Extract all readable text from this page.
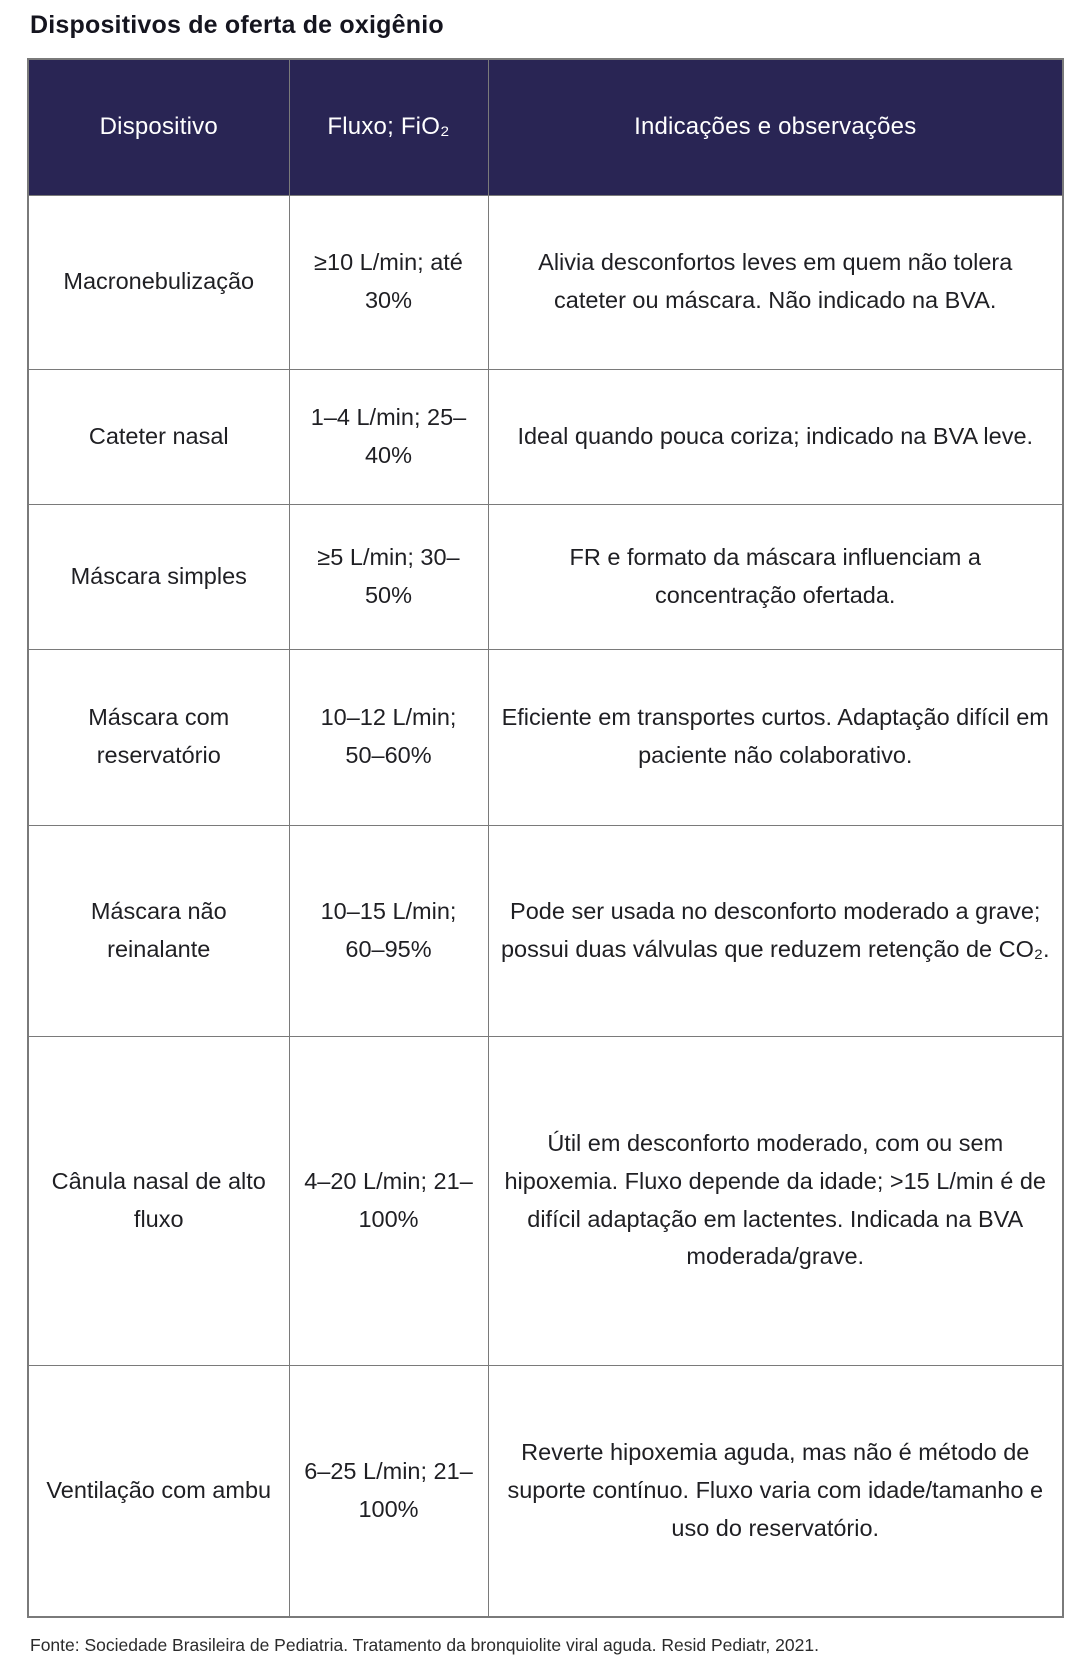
Dispositivos de oferta de oxigênio
Dispositivo	Fluxo; FiO₂	Indicações e observações
Macronebulização	≥10 L/min; até 30%	Alivia desconfortos leves em quem não tolera cateter ou máscara. Não indicado na BVA.
Cateter nasal	1–4 L/min; 25–40%	Ideal quando pouca coriza; indicado na BVA leve.
Máscara simples	≥5 L/min; 30–50%	FR e formato da máscara influenciam a concentração ofertada.
Máscara com reservatório	10–12 L/min; 50–60%	Eficiente em transportes curtos. Adaptação difícil em paciente não colaborativo.
Máscara não reinalante	10–15 L/min; 60–95%	Pode ser usada no desconforto moderado a grave; possui duas válvulas que reduzem retenção de CO₂.
Cânula nasal de alto fluxo	4–20 L/min; 21–100%	Útil em desconforto moderado, com ou sem hipoxemia. Fluxo depende da idade; >15 L/min é de difícil adaptação em lactentes. Indicada na BVA moderada/grave.
Ventilação com ambu	6–25 L/min; 21–100%	Reverte hipoxemia aguda, mas não é método de suporte contínuo. Fluxo varia com idade/tamanho e uso do reservatório.

Fonte: Sociedade Brasileira de Pediatria. Tratamento da bronquiolite viral aguda. Resid Pediatr, 2021.
